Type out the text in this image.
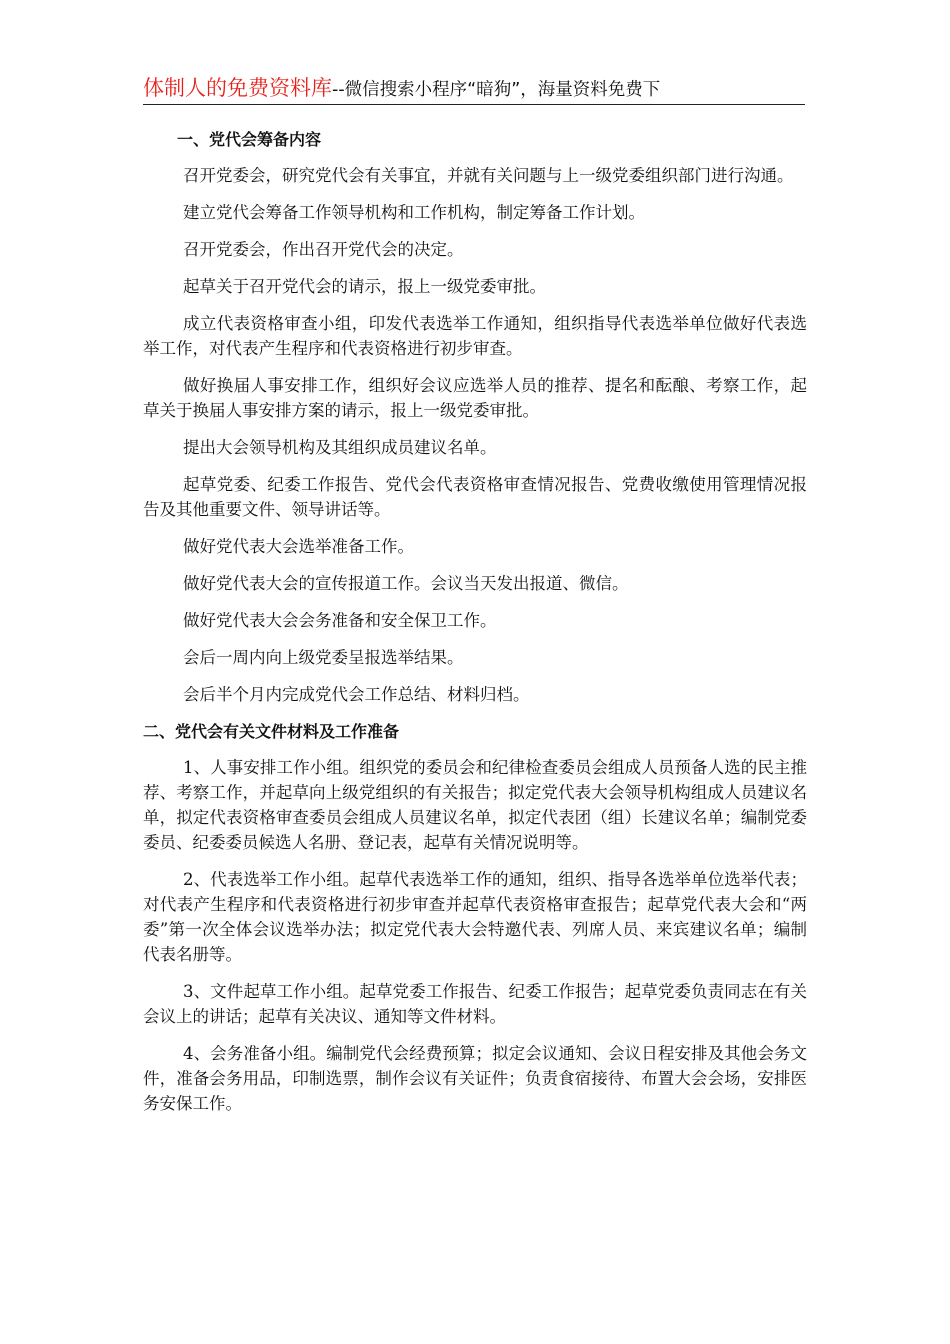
体制人的免费资料库--微信搜索小程序“暗狗”，海量资料免费下
一、党代会筹备内容

召开党委会，研究党代会有关事宜，并就有关问题与上一级党委组织部门进行沟通。

建立党代会筹备工作领导机构和工作机构，制定筹备工作计划。

召开党委会，作出召开党代会的决定。

起草关于召开党代会的请示，报上一级党委审批。

成立代表资格审查小组，印发代表选举工作通知，组织指导代表选举单位做好代表选举工作，对代表产生程序和代表资格进行初步审查。

做好换届人事安排工作，组织好会议应选举人员的推荐、提名和酝酿、考察工作，起草关于换届人事安排方案的请示，报上一级党委审批。

提出大会领导机构及其组织成员建议名单。

起草党委、纪委工作报告、党代会代表资格审查情况报告、党费收缴使用管理情况报告及其他重要文件、领导讲话等。

做好党代表大会选举准备工作。

做好党代表大会的宣传报道工作。会议当天发出报道、微信。

做好党代表大会会务准备和安全保卫工作。

会后一周内向上级党委呈报选举结果。

会后半个月内完成党代会工作总结、材料归档。

二、党代会有关文件材料及工作准备

1、人事安排工作小组。组织党的委员会和纪律检查委员会组成人员预备人选的民主推荐、考察工作，并起草向上级党组织的有关报告；拟定党代表大会领导机构组成人员建议名单，拟定代表资格审查委员会组成人员建议名单，拟定代表团（组）长建议名单；编制党委委员、纪委委员候选人名册、登记表，起草有关情况说明等。

2、代表选举工作小组。起草代表选举工作的通知，组织、指导各选举单位选举代表；对代表产生程序和代表资格进行初步审查并起草代表资格审查报告；起草党代表大会和“两委”第一次全体会议选举办法；拟定党代表大会特邀代表、列席人员、来宾建议名单；编制代表名册等。

3、文件起草工作小组。起草党委工作报告、纪委工作报告；起草党委负责同志在有关会议上的讲话；起草有关决议、通知等文件材料。

4、会务准备小组。编制党代会经费预算；拟定会议通知、会议日程安排及其他会务文件，准备会务用品，印制选票，制作会议有关证件；负责食宿接待、布置大会会场，安排医务安保工作。
